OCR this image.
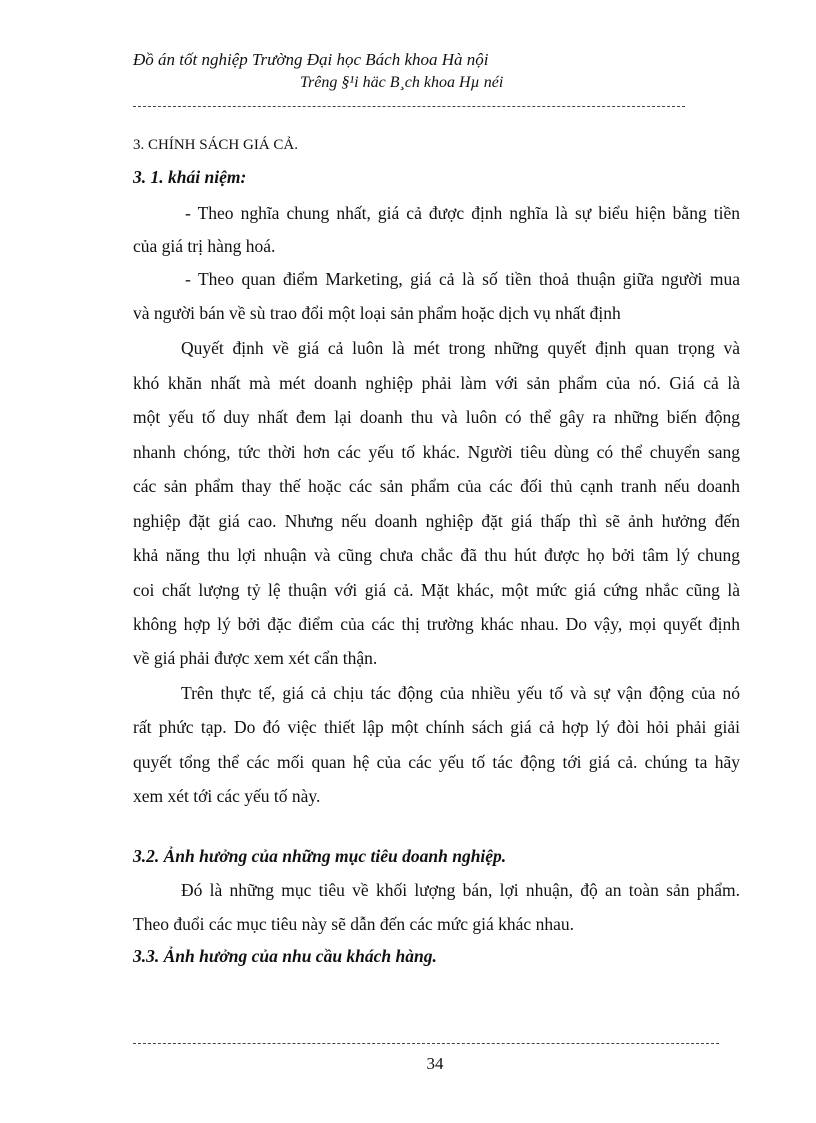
Đồ án tốt nghiệp Trường Đại học Bách khoa Hà nội
Trêng §¹i häc B¸ch khoa Hµ néi
3. CHÍNH SÁCH GIÁ CẢ.
3. 1. khái niệm:
- Theo nghĩa chung nhất, giá cả được định nghĩa là sự biểu hiện bằng tiền
của giá trị hàng hoá.
- Theo quan điểm Marketing, giá cả là số tiền thoả thuận giữa người mua
và người bán về sù trao đổi một loại sản phẩm hoặc dịch vụ nhất định
Quyết định về giá cả luôn là mét trong những quyết định quan trọng và
khó khăn nhất mà mét doanh nghiệp phải làm với sản phẩm của nó. Giá cả là
một yếu tố duy nhất đem lại doanh thu và luôn có thể gây ra những biến động
nhanh chóng, tức thời hơn các yếu tố khác. Người tiêu dùng có thể chuyển sang
các sản phẩm thay thế hoặc các sản phẩm của các đối thủ cạnh tranh nếu doanh
nghiệp đặt giá cao. Nhưng nếu doanh nghiệp đặt giá thấp thì sẽ ảnh hưởng đến
khả năng thu lợi nhuận và cũng chưa chắc đã thu hút được họ bởi tâm lý chung
coi chất lượng tỷ lệ thuận với giá cả. Mặt khác, một mức giá cứng nhắc cũng là
không hợp lý bởi đặc điểm của các thị trường khác nhau. Do vậy, mọi quyết định
về giá phải được xem xét cẩn thận.
Trên thực tế, giá cả chịu tác động của nhiều yếu tố và sự vận động của nó
rất phức tạp. Do đó việc thiết lập một chính sách giá cả hợp lý đòi hỏi phải giải
quyết tổng thể các mối quan hệ của các yếu tố tác động tới giá cả. chúng ta hãy
xem xét tới các yếu tố này.
3.2. Ảnh hưởng của những mục tiêu doanh nghiệp.
Đó là những mục tiêu về khối lượng bán, lợi nhuận, độ an toàn sản phẩm.
Theo đuổi các mục tiêu này sẽ dẫn đến các mức giá khác nhau.
3.3. Ảnh hưởng của nhu cầu khách hàng.
34
